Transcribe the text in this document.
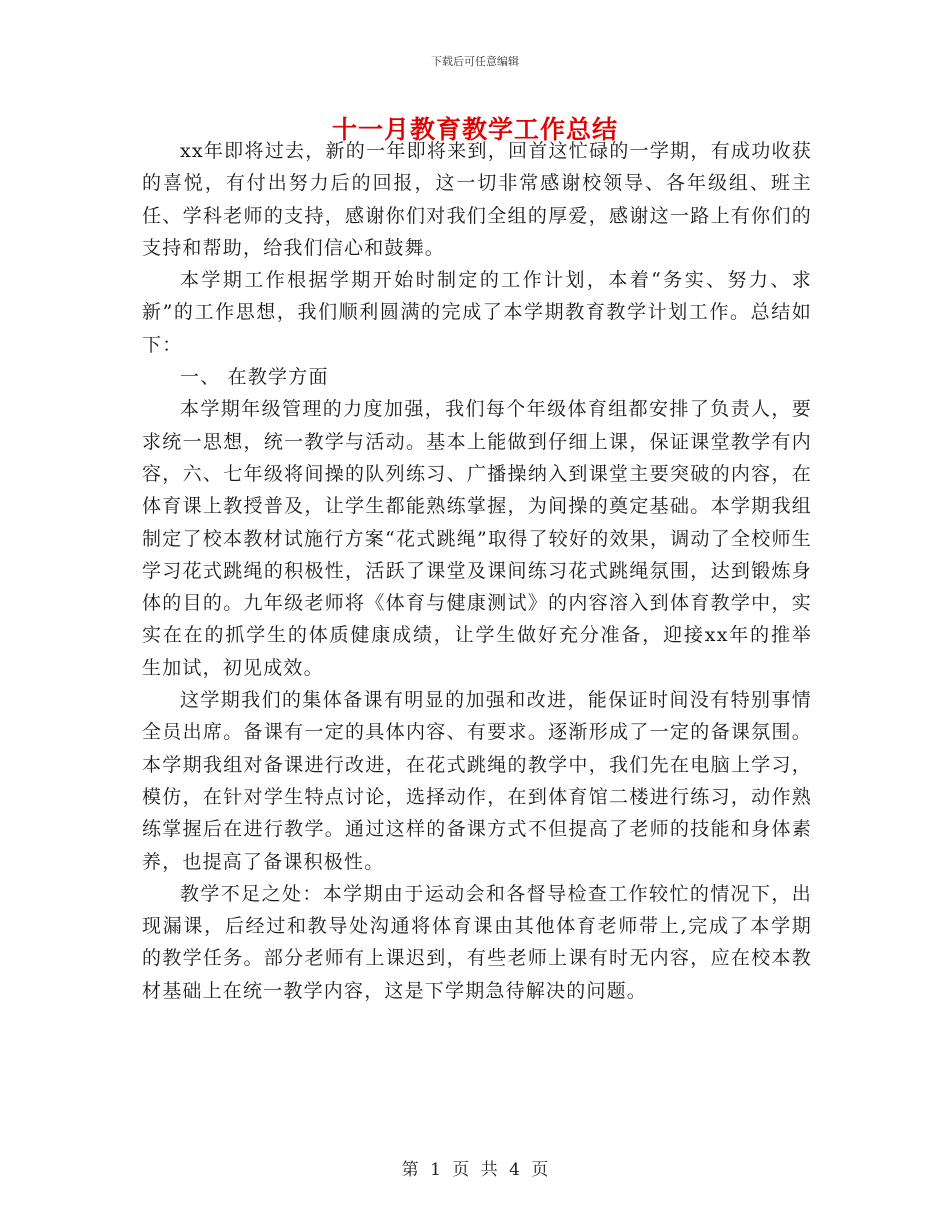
下载后可任意编辑
十一月教育教学工作总结

xx年即将过去，新的一年即将来到，回首这忙碌的一学期，有成功收获的喜悦，有付出努力后的回报，这一切非常感谢校领导、各年级组、班主任、学科老师的支持，感谢你们对我们全组的厚爱，感谢这一路上有你们的支持和帮助，给我们信心和鼓舞。

本学期工作根据学期开始时制定的工作计划，本着“务实、努力、求新”的工作思想，我们顺利圆满的完成了本学期教育教学计划工作。总结如下：

一、 在教学方面

本学期年级管理的力度加强，我们每个年级体育组都安排了负责人，要求统一思想，统一教学与活动。基本上能做到仔细上课，保证课堂教学有内容，六、七年级将间操的队列练习、广播操纳入到课堂主要突破的内容，在体育课上教授普及，让学生都能熟练掌握，为间操的奠定基础。本学期我组制定了校本教材试施行方案“花式跳绳”取得了较好的效果，调动了全校师生学习花式跳绳的积极性，活跃了课堂及课间练习花式跳绳氛围，达到锻炼身体的目的。九年级老师将《体育与健康测试》的内容溶入到体育教学中，实实在在的抓学生的体质健康成绩，让学生做好充分准备，迎接xx年的推举生加试，初见成效。

这学期我们的集体备课有明显的加强和改进，能保证时间没有特别事情全员出席。备课有一定的具体内容、有要求。逐渐形成了一定的备课氛围。本学期我组对备课进行改进，在花式跳绳的教学中，我们先在电脑上学习，模仿，在针对学生特点讨论，选择动作，在到体育馆二楼进行练习，动作熟练掌握后在进行教学。通过这样的备课方式不但提高了老师的技能和身体素养，也提高了备课积极性。

教学不足之处：本学期由于运动会和各督导检查工作较忙的情况下，出现漏课，后经过和教导处沟通将体育课由其他体育老师带上,完成了本学期的教学任务。部分老师有上课迟到，有些老师上课有时无内容，应在校本教材基础上在统一教学内容，这是下学期急待解决的问题。

第 1 页 共 4 页
